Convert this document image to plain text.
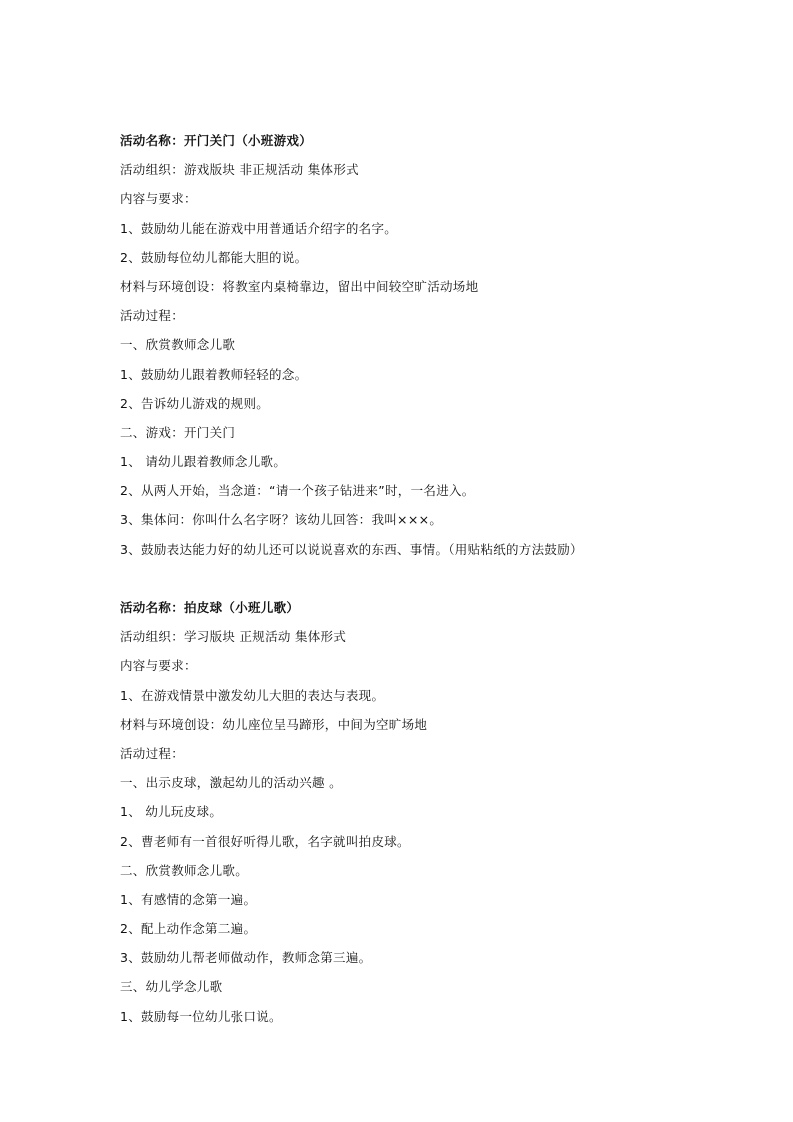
活动名称：开门关门（小班游戏）
活动组织：游戏版块 非正规活动 集体形式
内容与要求：
1、鼓励幼儿能在游戏中用普通话介绍字的名字。
2、鼓励每位幼儿都能大胆的说。
材料与环境创设：将教室内桌椅靠边，留出中间较空旷活动场地
活动过程：
一、欣赏教师念儿歌
1、鼓励幼儿跟着教师轻轻的念。
2、告诉幼儿游戏的规则。
二、游戏：开门关门
1、 请幼儿跟着教师念儿歌。
2、从两人开始，当念道：“请一个孩子钻进来”时，一名进入。
3、集体问：你叫什么名字呀？该幼儿回答：我叫×××。
3、鼓励表达能力好的幼儿还可以说说喜欢的东西、事情。（用贴粘纸的方法鼓励）
活动名称：拍皮球（小班儿歌）
活动组织：学习版块 正规活动 集体形式
内容与要求：
1、在游戏情景中激发幼儿大胆的表达与表现。
材料与环境创设：幼儿座位呈马蹄形，中间为空旷场地
活动过程：
一、出示皮球，激起幼儿的活动兴趣 。
1、 幼儿玩皮球。
2、曹老师有一首很好听得儿歌，名字就叫拍皮球。
二、欣赏教师念儿歌。
1、有感情的念第一遍。
2、配上动作念第二遍。
3、鼓励幼儿帮老师做动作，教师念第三遍。
三、幼儿学念儿歌
1、鼓励每一位幼儿张口说。
